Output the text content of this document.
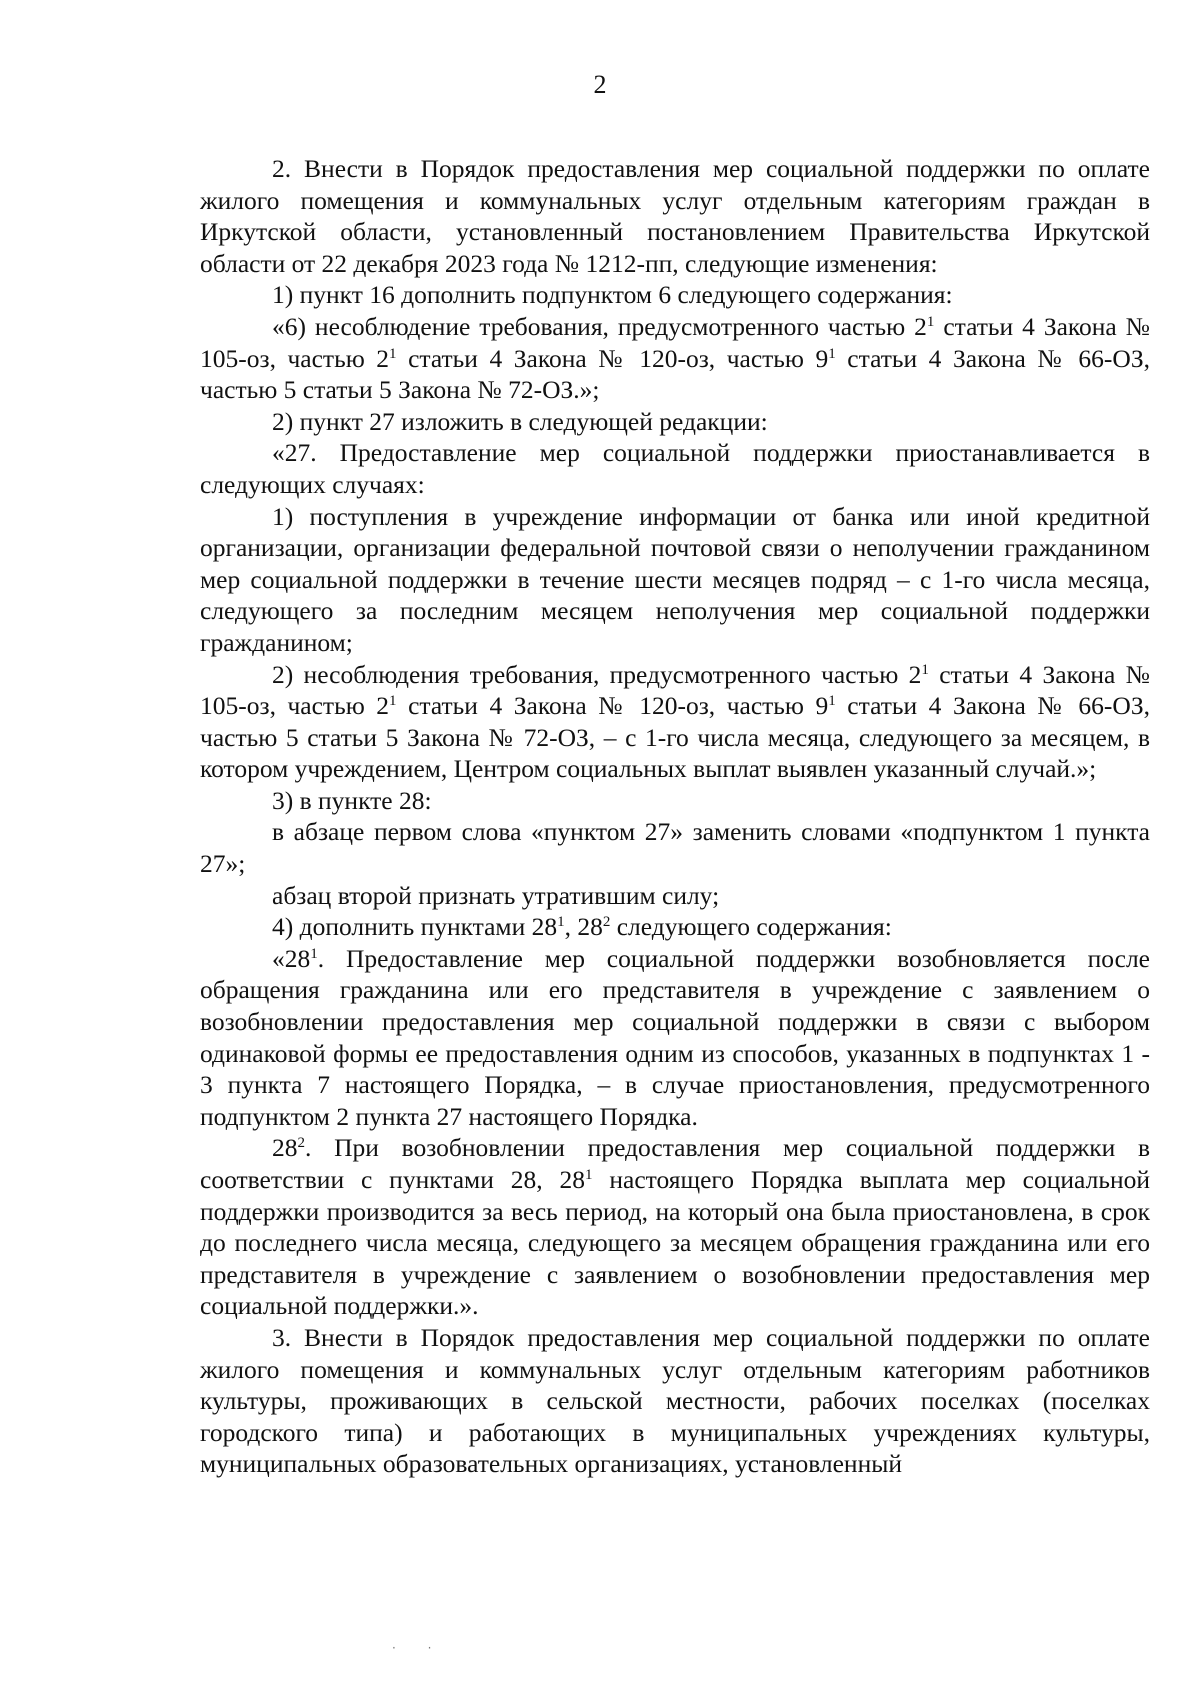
2

2. Внести в Порядок предоставления мер социальной поддержки по оплате жилого помещения и коммунальных услуг отдельным категориям граждан в Иркутской области, установленный постановлением Правительства Иркутской области от 22 декабря 2023 года № 1212-пп, следующие изменения:

1) пункт 16 дополнить подпунктом 6 следующего содержания:

«6) несоблюдение требования, предусмотренного частью $2^1$ статьи 4 Закона № 105-оз, частью $2^1$ статьи 4 Закона № 120-оз, частью $9^1$ статьи 4 Закона № 66-ОЗ, частью 5 статьи 5 Закона № 72-ОЗ.»;

2) пункт 27 изложить в следующей редакции:

«27. Предоставление мер социальной поддержки приостанавливается в следующих случаях:

1) поступления в учреждение информации от банка или иной кредитной организации, организации федеральной почтовой связи о неполучении гражданином мер социальной поддержки в течение шести месяцев подряд – с 1-го числа месяца, следующего за последним месяцем неполучения мер социальной поддержки гражданином;

2) несоблюдения требования, предусмотренного частью $2^1$ статьи 4 Закона № 105-оз, частью $2^1$ статьи 4 Закона № 120-оз, частью $9^1$ статьи 4 Закона № 66-ОЗ, частью 5 статьи 5 Закона № 72-ОЗ, – с 1-го числа месяца, следующего за месяцем, в котором учреждением, Центром социальных выплат выявлен указанный случай.»;

3) в пункте 28:

в абзаце первом слова «пунктом 27» заменить словами «подпунктом 1 пункта 27»;

абзац второй признать утратившим силу;

4) дополнить пунктами $28^1$, $28^2$ следующего содержания:

«$28^1$. Предоставление мер социальной поддержки возобновляется после обращения гражданина или его представителя в учреждение с заявлением о возобновлении предоставления мер социальной поддержки в связи с выбором одинаковой формы ее предоставления одним из способов, указанных в подпунктах 1 - 3 пункта 7 настоящего Порядка, – в случае приостановления, предусмотренного подпунктом 2 пункта 27 настоящего Порядка.

$28^2$. При возобновлении предоставления мер социальной поддержки в соответствии с пунктами 28, $28^1$ настоящего Порядка выплата мер социальной поддержки производится за весь период, на который она была приостановлена, в срок до последнего числа месяца, следующего за месяцем обращения гражданина или его представителя в учреждение с заявлением о возобновлении предоставления мер социальной поддержки.».

3. Внести в Порядок предоставления мер социальной поддержки по оплате жилого помещения и коммунальных услуг отдельным категориям работников культуры, проживающих в сельской местности, рабочих поселках (поселках городского типа) и работающих в муниципальных учреждениях культуры, муниципальных образовательных организациях, установленный

· ·
